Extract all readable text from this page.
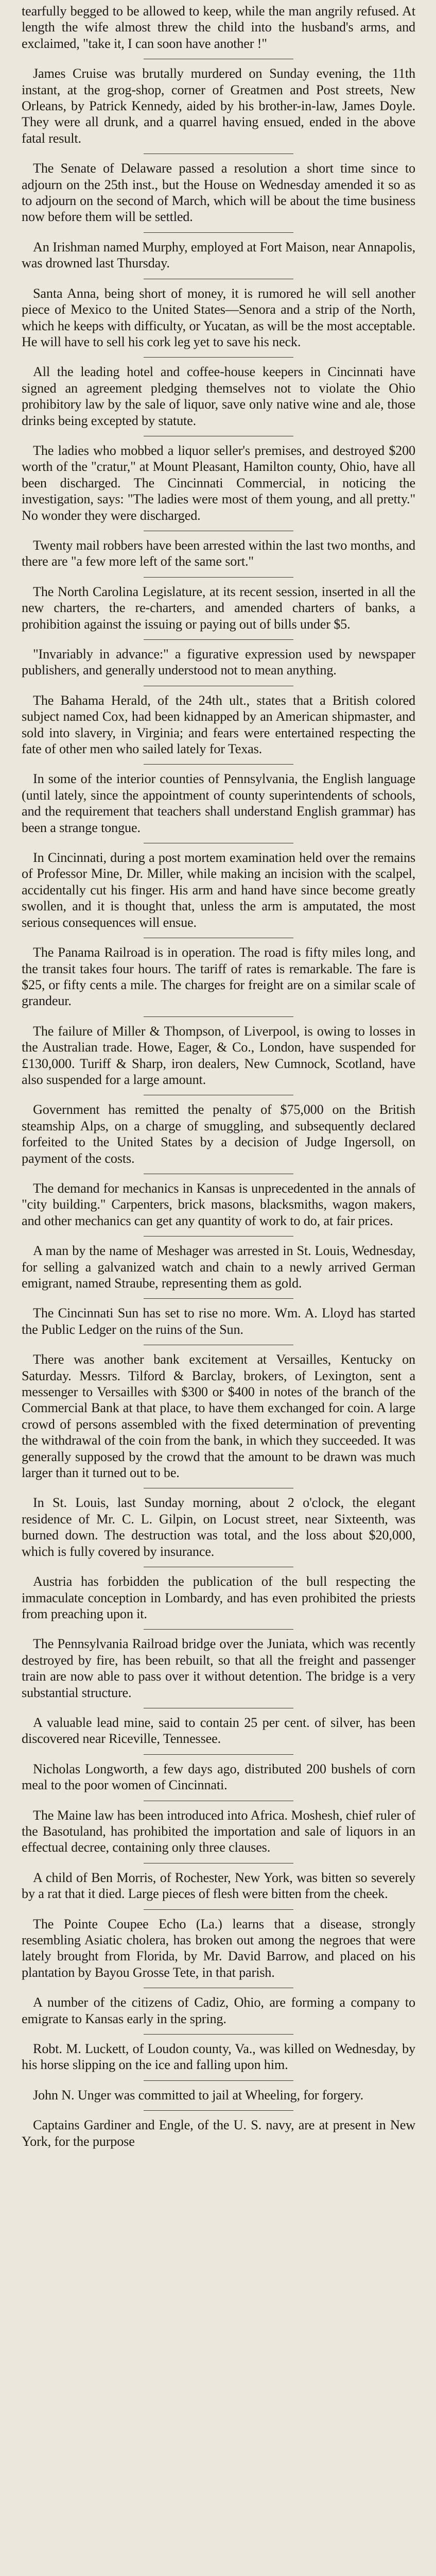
tearfully begged to be allowed to keep, while the man angrily refused. At length the wife almost threw the child into the husband's arms, and exclaimed, "take it, I can soon have another !"

James Cruise was brutally murdered on Sunday evening, the 11th instant, at the grog-shop, corner of Greatmen and Post streets, New Orleans, by Patrick Kennedy, aided by his brother-in-law, James Doyle. They were all drunk, and a quarrel having ensued, ended in the above fatal result.

The Senate of Delaware passed a resolution a short time since to adjourn on the 25th inst., but the House on Wednesday amended it so as to adjourn on the second of March, which will be about the time business now before them will be settled.

An Irishman named Murphy, employed at Fort Maison, near Annapolis, was drowned last Thursday.

Santa Anna, being short of money, it is rumored he will sell another piece of Mexico to the United States—Senora and a strip of the North, which he keeps with difficulty, or Yucatan, as will be the most acceptable. He will have to sell his cork leg yet to save his neck.

All the leading hotel and coffee-house keepers in Cincinnati have signed an agreement pledging themselves not to violate the Ohio prohibitory law by the sale of liquor, save only native wine and ale, those drinks being excepted by statute.

The ladies who mobbed a liquor seller's premises, and destroyed $200 worth of the "cratur," at Mount Pleasant, Hamilton county, Ohio, have all been discharged. The Cincinnati Commercial, in noticing the investigation, says: "The ladies were most of them young, and all pretty." No wonder they were discharged.

Twenty mail robbers have been arrested within the last two months, and there are "a few more left of the same sort."

The North Carolina Legislature, at its recent session, inserted in all the new charters, the re-charters, and amended charters of banks, a prohibition against the issuing or paying out of bills under $5.

"Invariably in advance:" a figurative expression used by newspaper publishers, and generally understood not to mean anything.

The Bahama Herald, of the 24th ult., states that a British colored subject named Cox, had been kidnapped by an American shipmaster, and sold into slavery, in Virginia; and fears were entertained respecting the fate of other men who sailed lately for Texas.

In some of the interior counties of Pennsylvania, the English language (until lately, since the appointment of county superintendents of schools, and the requirement that teachers shall understand English grammar) has been a strange tongue.

In Cincinnati, during a post mortem examination held over the remains of Professor Mine, Dr. Miller, while making an incision with the scalpel, accidentally cut his finger. His arm and hand have since become greatly swollen, and it is thought that, unless the arm is amputated, the most serious consequences will ensue.

The Panama Railroad is in operation. The road is fifty miles long, and the transit takes four hours. The tariff of rates is remarkable. The fare is $25, or fifty cents a mile. The charges for freight are on a similar scale of grandeur.

The failure of Miller & Thompson, of Liverpool, is owing to losses in the Australian trade. Howe, Eager, & Co., London, have suspended for £130,000. Turiff & Sharp, iron dealers, New Cumnock, Scotland, have also suspended for a large amount.

Government has remitted the penalty of $75,000 on the British steamship Alps, on a charge of smuggling, and subsequently declared forfeited to the United States by a decision of Judge Ingersoll, on payment of the costs.

The demand for mechanics in Kansas is unprecedented in the annals of "city building." Carpenters, brick masons, blacksmiths, wagon makers, and other mechanics can get any quantity of work to do, at fair prices.

A man by the name of Meshager was arrested in St. Louis, Wednesday, for selling a galvanized watch and chain to a newly arrived German emigrant, named Straube, representing them as gold.

The Cincinnati Sun has set to rise no more. Wm. A. Lloyd has started the Public Ledger on the ruins of the Sun.

There was another bank excitement at Versailles, Kentucky on Saturday. Messrs. Tilford & Barclay, brokers, of Lexington, sent a messenger to Versailles with $300 or $400 in notes of the branch of the Commercial Bank at that place, to have them exchanged for coin. A large crowd of persons assembled with the fixed determination of preventing the withdrawal of the coin from the bank, in which they succeeded. It was generally supposed by the crowd that the amount to be drawn was much larger than it turned out to be.

In St. Louis, last Sunday morning, about 2 o'clock, the elegant residence of Mr. C. L. Gilpin, on Locust street, near Sixteenth, was burned down. The destruction was total, and the loss about $20,000, which is fully covered by insurance.

Austria has forbidden the publication of the bull respecting the immaculate conception in Lombardy, and has even prohibited the priests from preaching upon it.

The Pennsylvania Railroad bridge over the Juniata, which was recently destroyed by fire, has been rebuilt, so that all the freight and passenger train are now able to pass over it without detention. The bridge is a very substantial structure.

A valuable lead mine, said to contain 25 per cent. of silver, has been discovered near Riceville, Tennessee.

Nicholas Longworth, a few days ago, distributed 200 bushels of corn meal to the poor women of Cincinnati.

The Maine law has been introduced into Africa. Moshesh, chief ruler of the Basotuland, has prohibited the importation and sale of liquors in an effectual decree, containing only three clauses.

A child of Ben Morris, of Rochester, New York, was bitten so severely by a rat that it died. Large pieces of flesh were bitten from the cheek.

The Pointe Coupee Echo (La.) learns that a disease, strongly resembling Asiatic cholera, has broken out among the negroes that were lately brought from Florida, by Mr. David Barrow, and placed on his plantation by Bayou Grosse Tete, in that parish.

A number of the citizens of Cadiz, Ohio, are forming a company to emigrate to Kansas early in the spring.

Robt. M. Luckett, of Loudon county, Va., was killed on Wednesday, by his horse slipping on the ice and falling upon him.

John N. Unger was committed to jail at Wheeling, for forgery.

Captains Gardiner and Engle, of the U. S. navy, are at present in New York, for the purpose
